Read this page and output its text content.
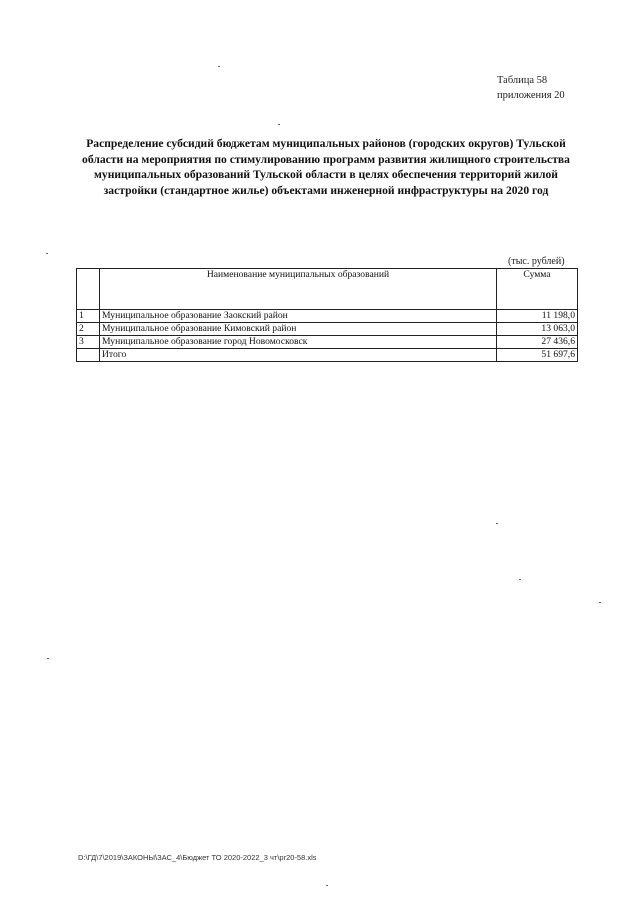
Таблица 58
приложения 20
Распределение субсидий бюджетам муниципальных районов (городских округов) Тульской области на мероприятия по стимулированию программ развития жилищного строительства муниципальных образований Тульской области в целях обеспечения территорий жилой застройки (стандартное жилье) объектами инженерной инфраструктуры на 2020 год
(тыс. рублей)
	Наименование муниципальных образований	Сумма
1	Муниципальное образование Заокский район	11 198,0
2	Муниципальное образование Кимовский район	13 063,0
3	Муниципальное образование город Новомосковск	27 436,6
	Итого	51 697,6
D:\ГД\7\2019\ЗАКОНЫ\ЗАС_4\Бюджет ТО 2020-2022_3 чт\pr20-58.xls
